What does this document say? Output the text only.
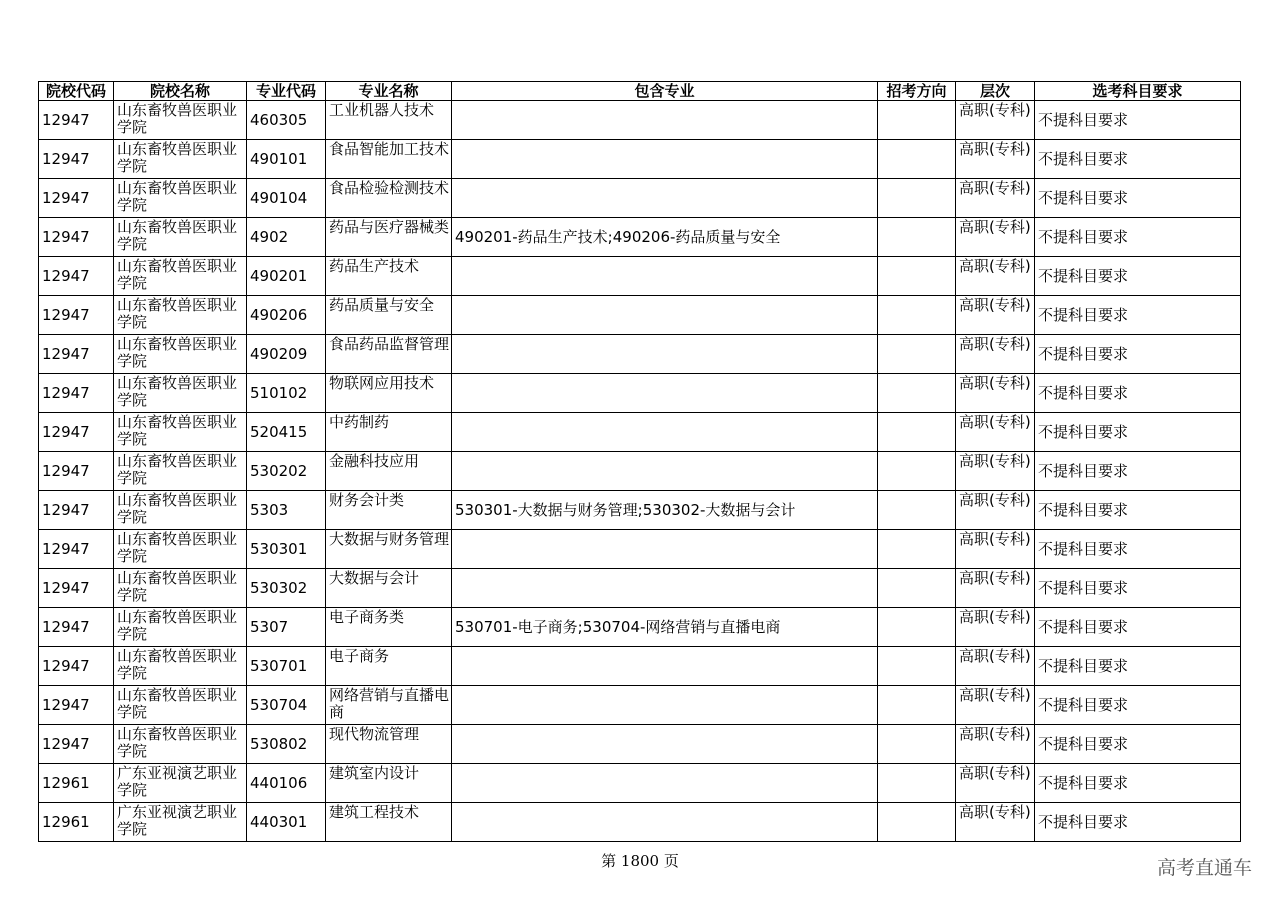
院校代码	院校名称	专业代码	专业名称	包含专业	招考方向	层次	选考科目要求
12947	山东畜牧兽医职业学院	460305	工业机器人技术			高职(专科)	不提科目要求
12947	山东畜牧兽医职业学院	490101	食品智能加工技术			高职(专科)	不提科目要求
12947	山东畜牧兽医职业学院	490104	食品检验检测技术			高职(专科)	不提科目要求
12947	山东畜牧兽医职业学院	4902	药品与医疗器械类	490201-药品生产技术;490206-药品质量与安全		高职(专科)	不提科目要求
12947	山东畜牧兽医职业学院	490201	药品生产技术			高职(专科)	不提科目要求
12947	山东畜牧兽医职业学院	490206	药品质量与安全			高职(专科)	不提科目要求
12947	山东畜牧兽医职业学院	490209	食品药品监督管理			高职(专科)	不提科目要求
12947	山东畜牧兽医职业学院	510102	物联网应用技术			高职(专科)	不提科目要求
12947	山东畜牧兽医职业学院	520415	中药制药			高职(专科)	不提科目要求
12947	山东畜牧兽医职业学院	530202	金融科技应用			高职(专科)	不提科目要求
12947	山东畜牧兽医职业学院	5303	财务会计类	530301-大数据与财务管理;530302-大数据与会计		高职(专科)	不提科目要求
12947	山东畜牧兽医职业学院	530301	大数据与财务管理			高职(专科)	不提科目要求
12947	山东畜牧兽医职业学院	530302	大数据与会计			高职(专科)	不提科目要求
12947	山东畜牧兽医职业学院	5307	电子商务类	530701-电子商务;530704-网络营销与直播电商		高职(专科)	不提科目要求
12947	山东畜牧兽医职业学院	530701	电子商务			高职(专科)	不提科目要求
12947	山东畜牧兽医职业学院	530704	网络营销与直播电商			高职(专科)	不提科目要求
12947	山东畜牧兽医职业学院	530802	现代物流管理			高职(专科)	不提科目要求
12961	广东亚视演艺职业学院	440106	建筑室内设计			高职(专科)	不提科目要求
12961	广东亚视演艺职业学院	440301	建筑工程技术			高职(专科)	不提科目要求
第 1800 页	高考直通车
